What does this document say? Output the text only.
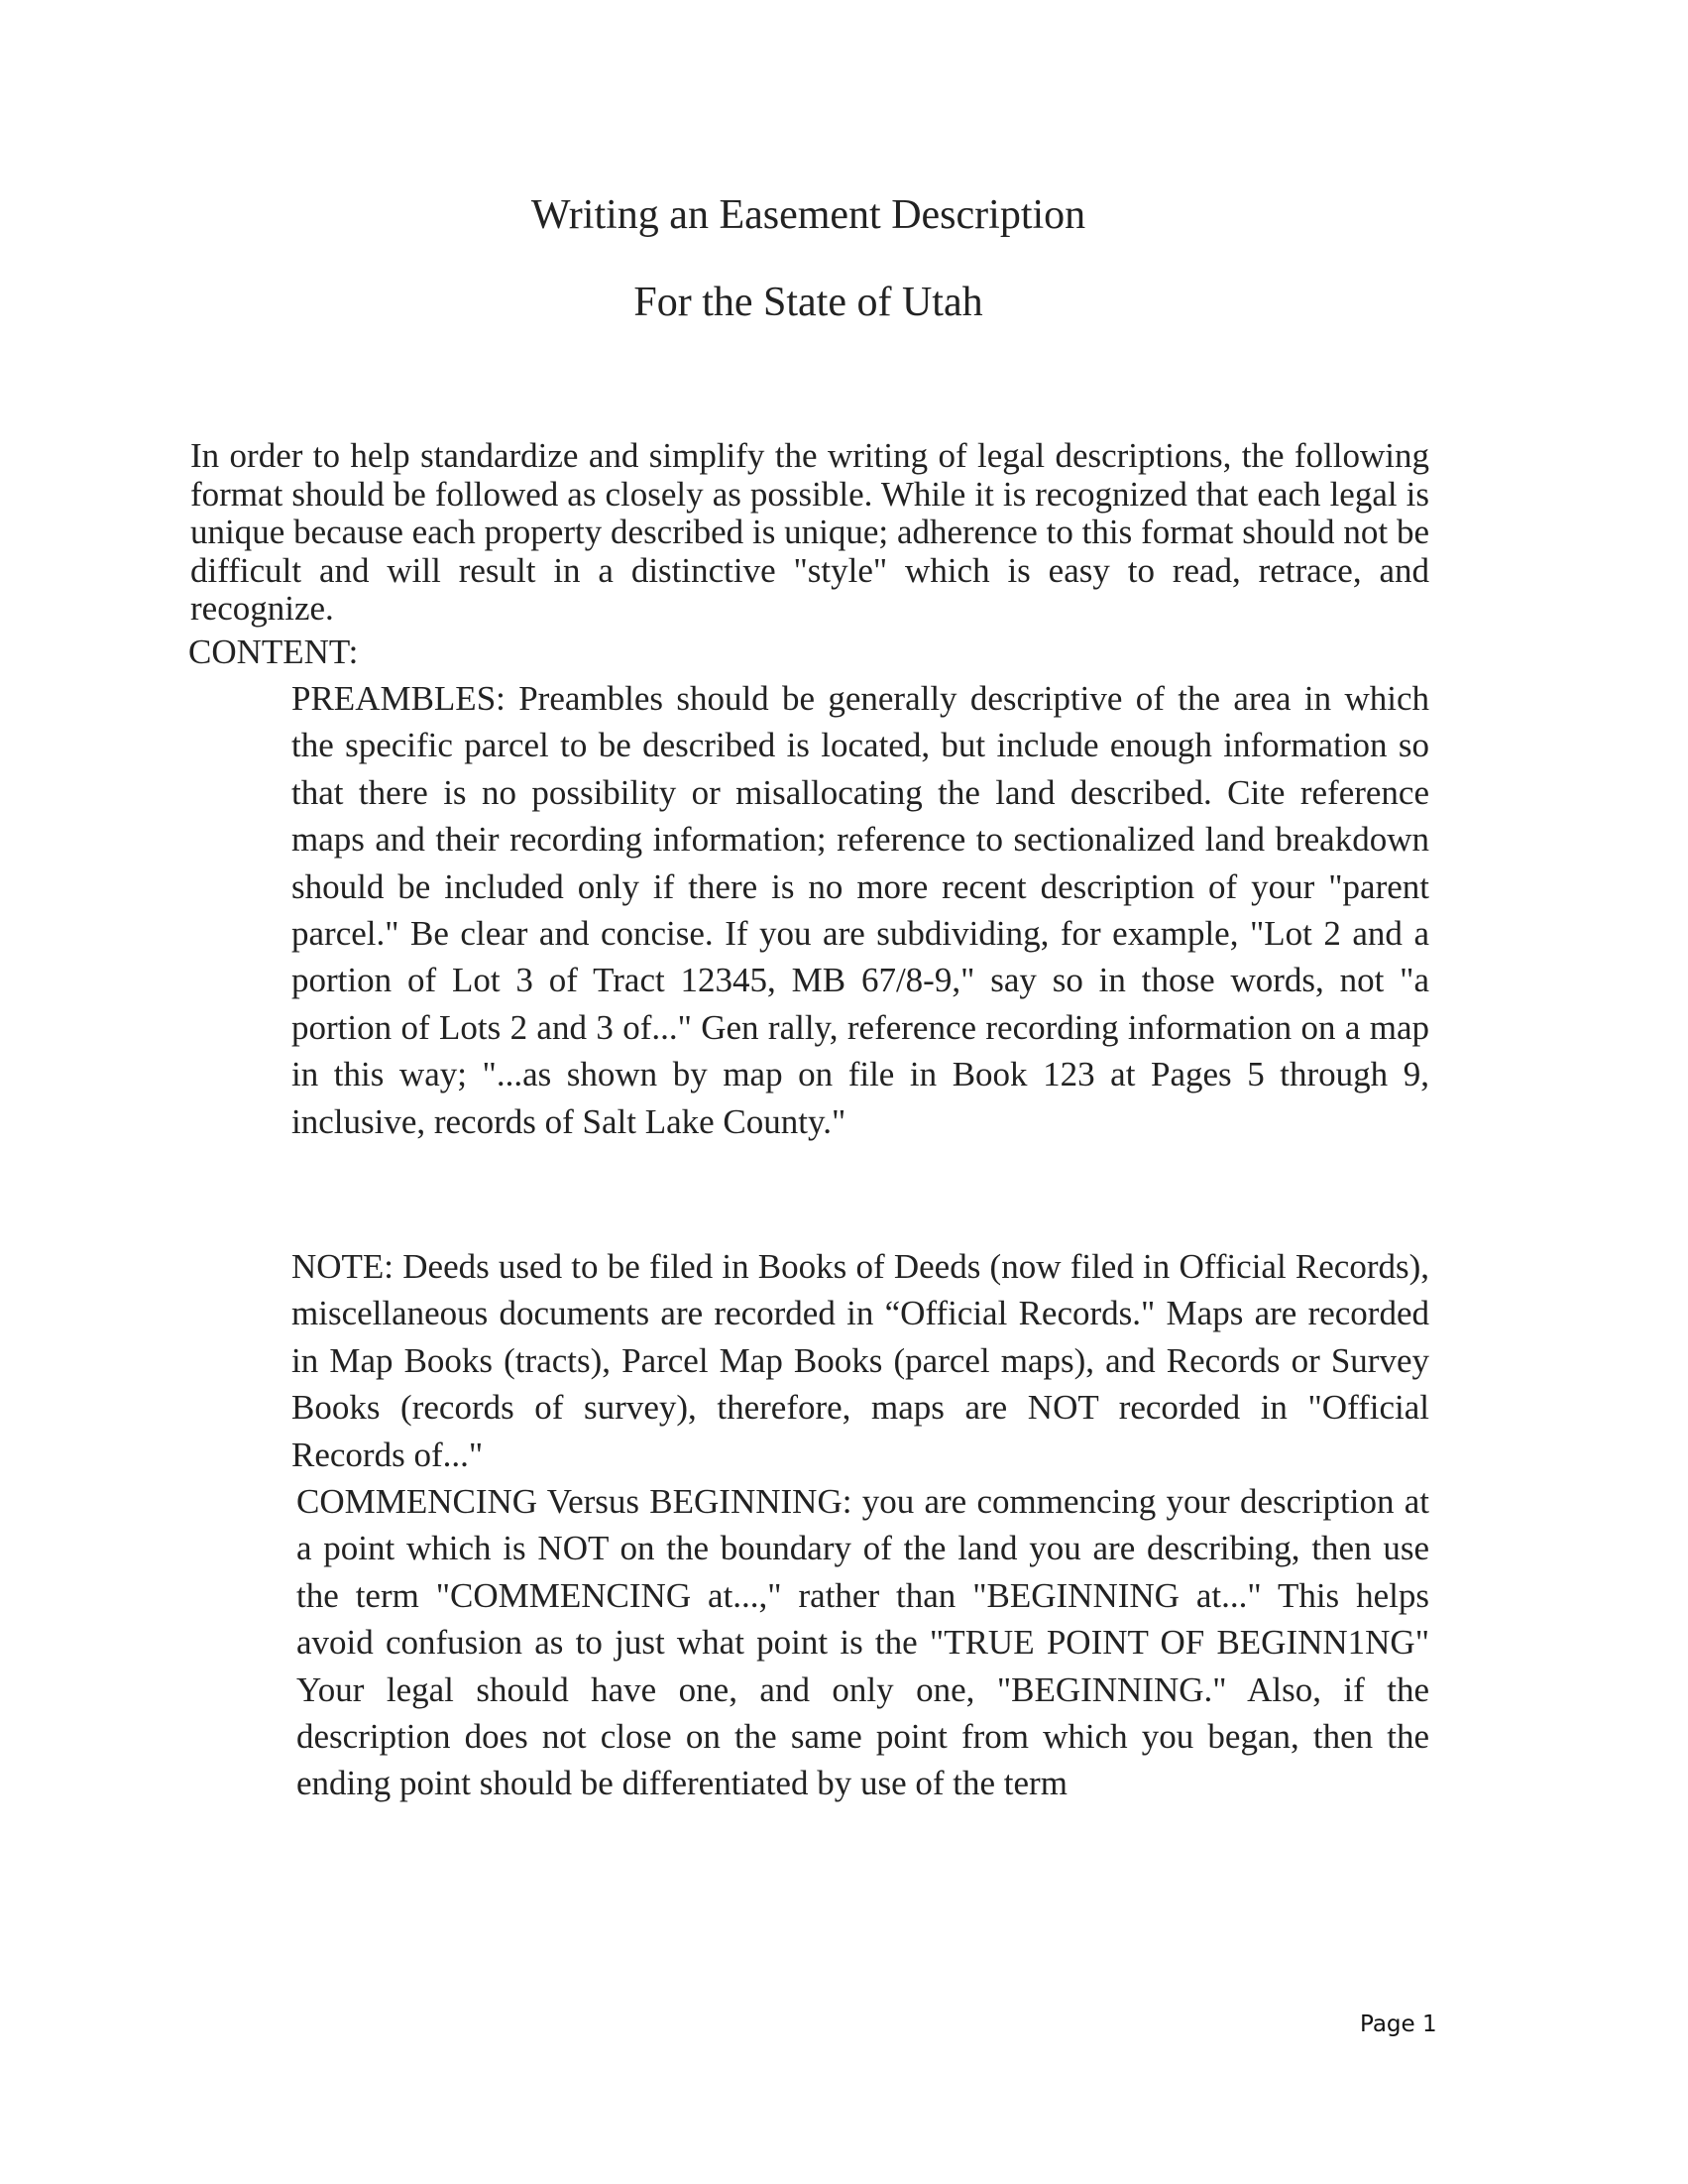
Writing an Easement Description
For the State of Utah

In order to help standardize and simplify the writing of legal descriptions, the following format should be followed as closely as possible. While it is recognized that each legal is unique because each property described is unique; adherence to this format should not be difficult and will result in a distinctive "style" which is easy to read, retrace, and recognize.

CONTENT:

PREAMBLES: Preambles should be generally descriptive of the area in which the specific parcel to be described is located, but include enough information so that there is no possibility or misallocating the land described. Cite reference maps and their recording information; reference to sectionalized land breakdown should be included only if there is no more recent description of your "parent parcel." Be clear and concise. If you are subdividing, for example, "Lot 2 and a portion of Lot 3 of Tract 12345, MB 67/8-9," say so in those words, not "a portion of Lots 2 and 3 of..." Gen rally, reference recording information on a map in this way; "...as shown by map on file in Book 123 at Pages 5 through 9, inclusive, records of Salt Lake County."

NOTE: Deeds used to be filed in Books of Deeds (now filed in Official Records), miscellaneous documents are recorded in “Official Records." Maps are recorded in Map Books (tracts), Parcel Map Books (parcel maps), and Records or Survey Books (records of survey), therefore, maps are NOT recorded in "Official Records of..."

COMMENCING Versus BEGINNING: you are commencing your description at a point which is NOT on the boundary of the land you are describing, then use the term "COMMENCING at...," rather than "BEGINNING at..." This helps avoid confusion as to just what point is the "TRUE POINT OF BEGINN1NG" Your legal should have one, and only one, "BEGINNING." Also, if the description does not close on the same point from which you began, then the ending point should be differentiated by use of the term

Page 1
